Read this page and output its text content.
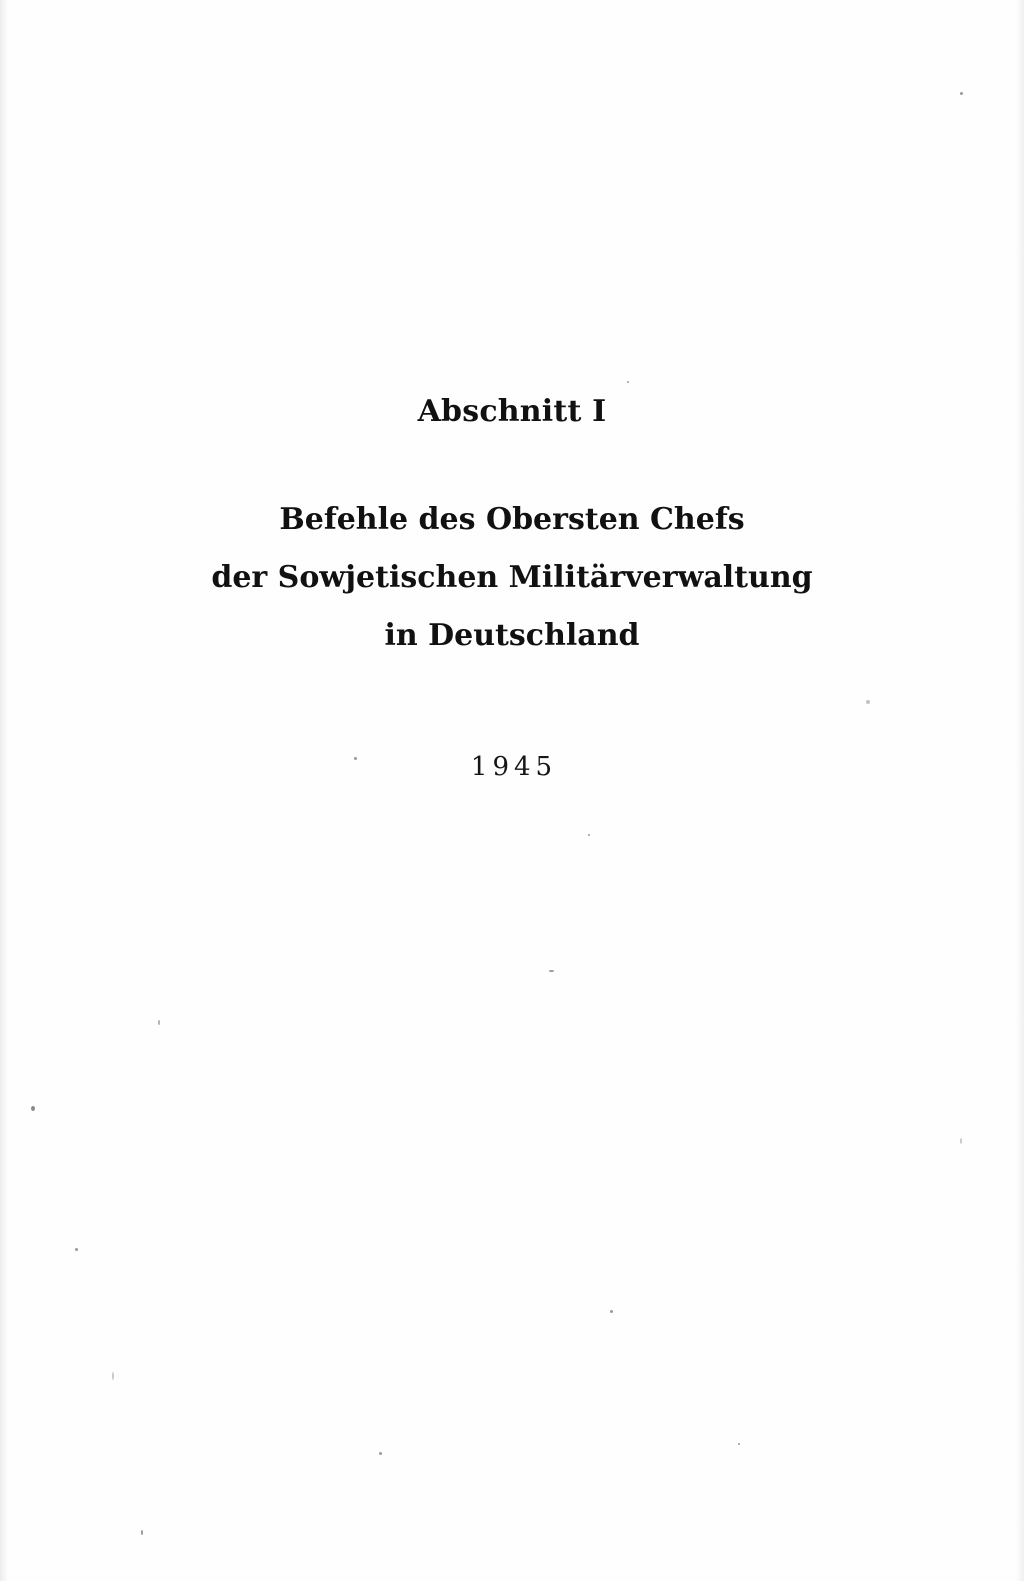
Abschnitt I
Befehle des Obersten Chefs
der Sowjetischen Militärverwaltung
in Deutschland
1945
